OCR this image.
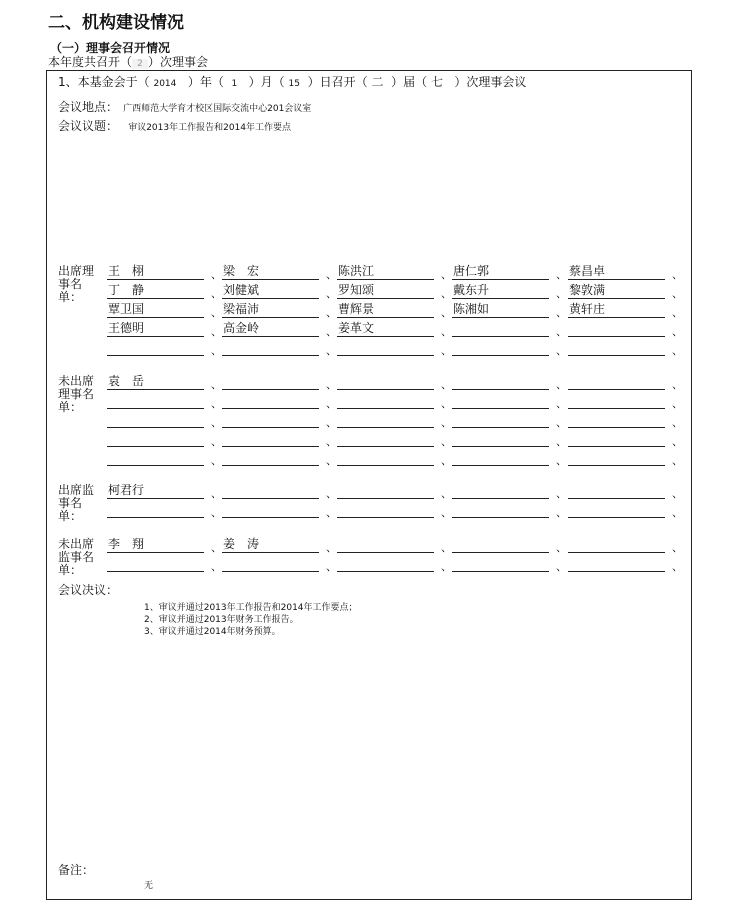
二、机构建设情况
（一）理事会召开情况
本年度共召开（ 2 ）次理事会
1、本基金会于（ 2014 ）年（ 1 ）月（ 15 ）日召开（ 二 ）届（ 七 ）次理事会议
会议地点： 广西师范大学育才校区国际交流中心201会议室
会议议题： 审议2013年工作报告和2014年工作要点
出席理事名单：
王　栩	、 梁　宏	、 陈洪江	、 唐仁郭	、 蔡昌卓	、
丁　静	、 刘健斌	、 罗知颂	、 戴东升	、 黎敦满	、
覃卫国	、 梁福沛	、 曹辉景	、 陈湘如	、 黄轩庄	、
王德明	、 高金岭	、 姜革文	、	、	、
、	、	、	、	、
未出席理事名单：
袁　岳	、	、	、	、	、
、	、	、	、	、
、	、	、	、	、
、	、	、	、	、
、	、	、	、	、
出席监事名单：
柯君行	、	、	、	、	、
、	、	、	、	、
未出席监事名单：
李　翔	、 姜　涛	、	、	、	、
、	、	、	、	、
会议决议：
1、审议并通过2013年工作报告和2014年工作要点；
2、审议并通过2013年财务工作报告。
3、审议并通过2014年财务预算。
备注：
无
